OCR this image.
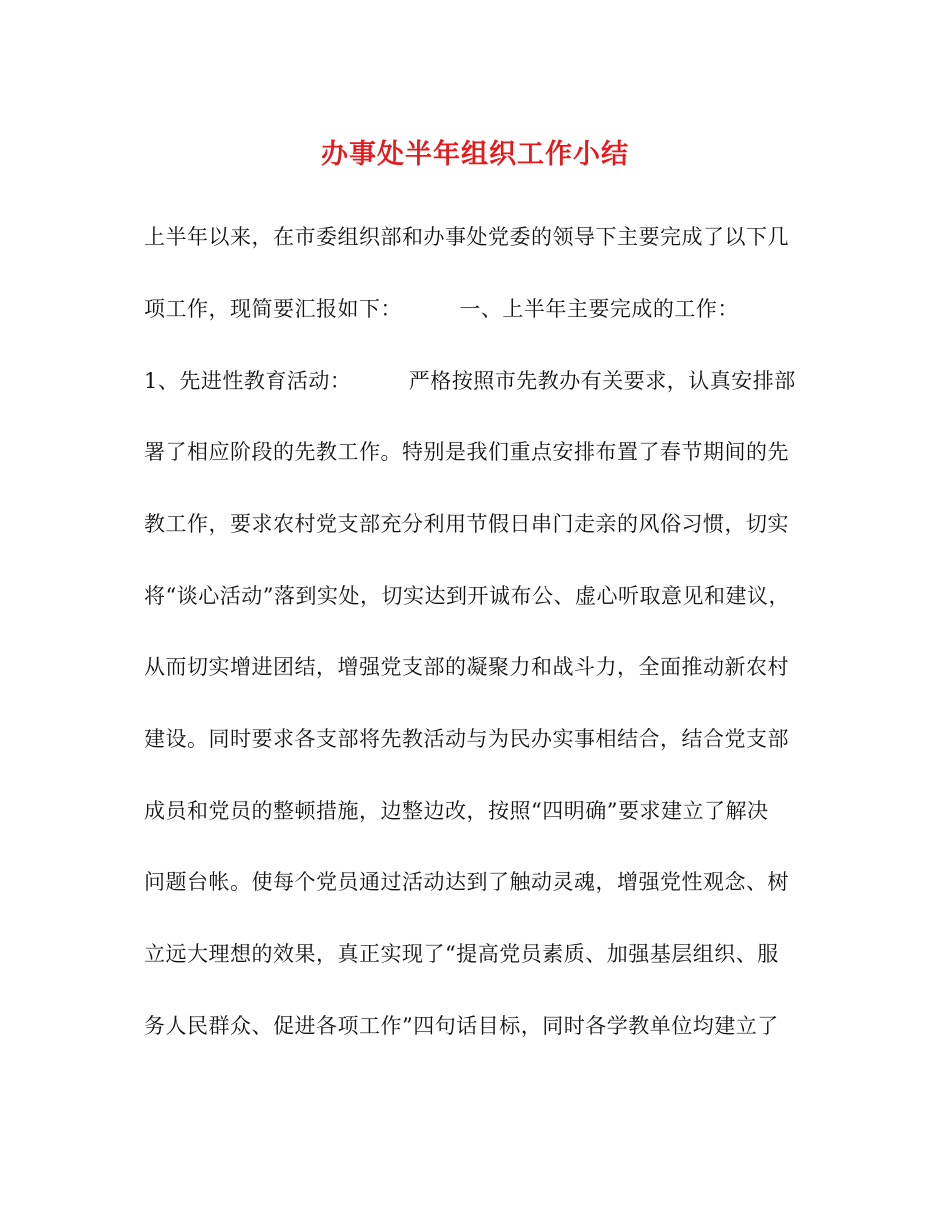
办事处半年组织工作小结
上半年以来，在市委组织部和办事处党委的领导下主要完成了以下几
项工作，现简要汇报如下：        一、上半年主要完成的工作：
1、先进性教育活动：        严格按照市先教办有关要求，认真安排部
署了相应阶段的先教工作。特别是我们重点安排布置了春节期间的先
教工作，要求农村党支部充分利用节假日串门走亲的风俗习惯，切实
将“谈心活动”落到实处，切实达到开诚布公、虚心听取意见和建议，
从而切实增进团结，增强党支部的凝聚力和战斗力，全面推动新农村
建设。同时要求各支部将先教活动与为民办实事相结合，结合党支部
成员和党员的整顿措施，边整边改，按照“四明确”要求建立了解决
问题台帐。使每个党员通过活动达到了触动灵魂，增强党性观念、树
立远大理想的效果，真正实现了“提高党员素质、加强基层组织、服
务人民群众、促进各项工作”四句话目标，同时各学教单位均建立了
